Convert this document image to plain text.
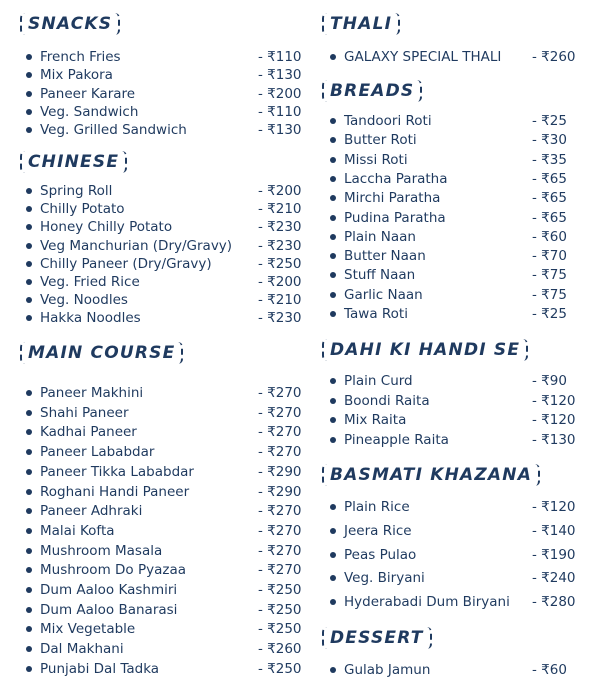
SNACKS
French Fries	- ₹110
Mix Pakora	- ₹130
Paneer Karare	- ₹200
Veg. Sandwich	- ₹110
Veg. Grilled Sandwich	- ₹130
CHINESE
Spring Roll	- ₹200
Chilly Potato	- ₹210
Honey Chilly Potato	- ₹230
Veg Manchurian (Dry/Gravy) - ₹230
Chilly Paneer (Dry/Gravy)	- ₹250
Veg. Fried Rice	- ₹200
Veg. Noodles	- ₹210
Hakka Noodles	- ₹230
MAIN COURSE
Paneer Makhini	- ₹270
Shahi Paneer	- ₹270
Kadhai Paneer	- ₹270
Paneer Lababdar	- ₹270
Paneer Tikka Lababdar	- ₹290
Roghani Handi Paneer	- ₹290
Paneer Adhraki	- ₹270
Malai Kofta	- ₹270
Mushroom Masala	- ₹270
Mushroom Do Pyazaa	- ₹270
Dum Aaloo Kashmiri	- ₹250
Dum Aaloo Banarasi	- ₹250
Mix Vegetable	- ₹250
Dal Makhani	- ₹260
Punjabi Dal Tadka	- ₹250
THALI
GALAXY SPECIAL THALI - ₹260
BREADS
Tandoori Roti	- ₹25
Butter Roti	- ₹30
Missi Roti	- ₹35
Laccha Paratha	- ₹65
Mirchi Paratha	- ₹65
Pudina Paratha	- ₹65
Plain Naan	- ₹60
Butter Naan	- ₹70
Stuff Naan	- ₹75
Garlic Naan	- ₹75
Tawa Roti	- ₹25
DAHI KI HANDI SE
Plain Curd	- ₹90
Boondi Raita	- ₹120
Mix Raita	- ₹120
Pineapple Raita	- ₹130
BASMATI KHAZANA
Plain Rice	- ₹120
Jeera Rice	- ₹140
Peas Pulao	- ₹190
Veg. Biryani	- ₹240
Hyderabadi Dum Biryani - ₹280
DESSERT
Gulab Jamun	- ₹60
